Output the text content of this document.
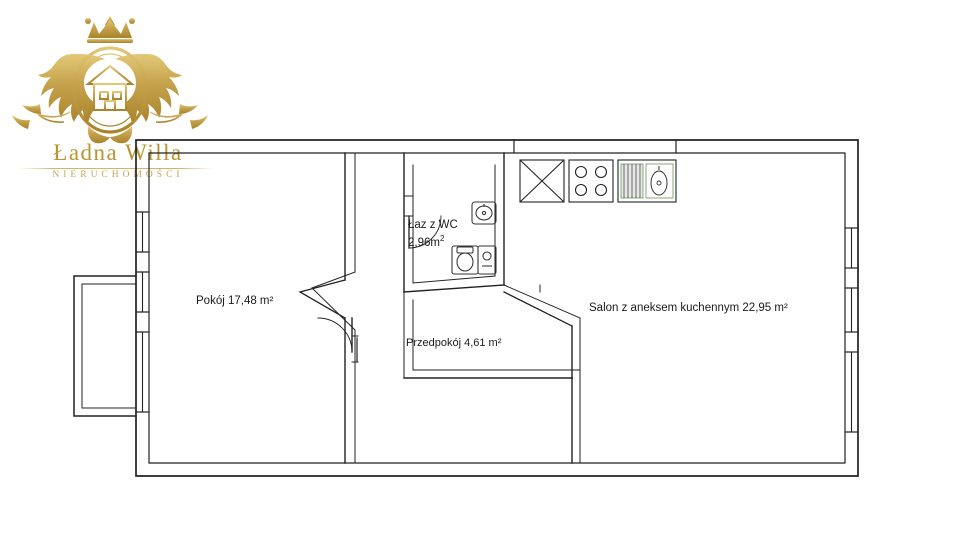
Ładna Willa
NIERUCHOMOŚCI
Pokój 17,48 m²
Łaz z WC
$2,96m^2$
Przedpokój 4,61 m²
Salon z aneksem kuchennym 22,95 m²
